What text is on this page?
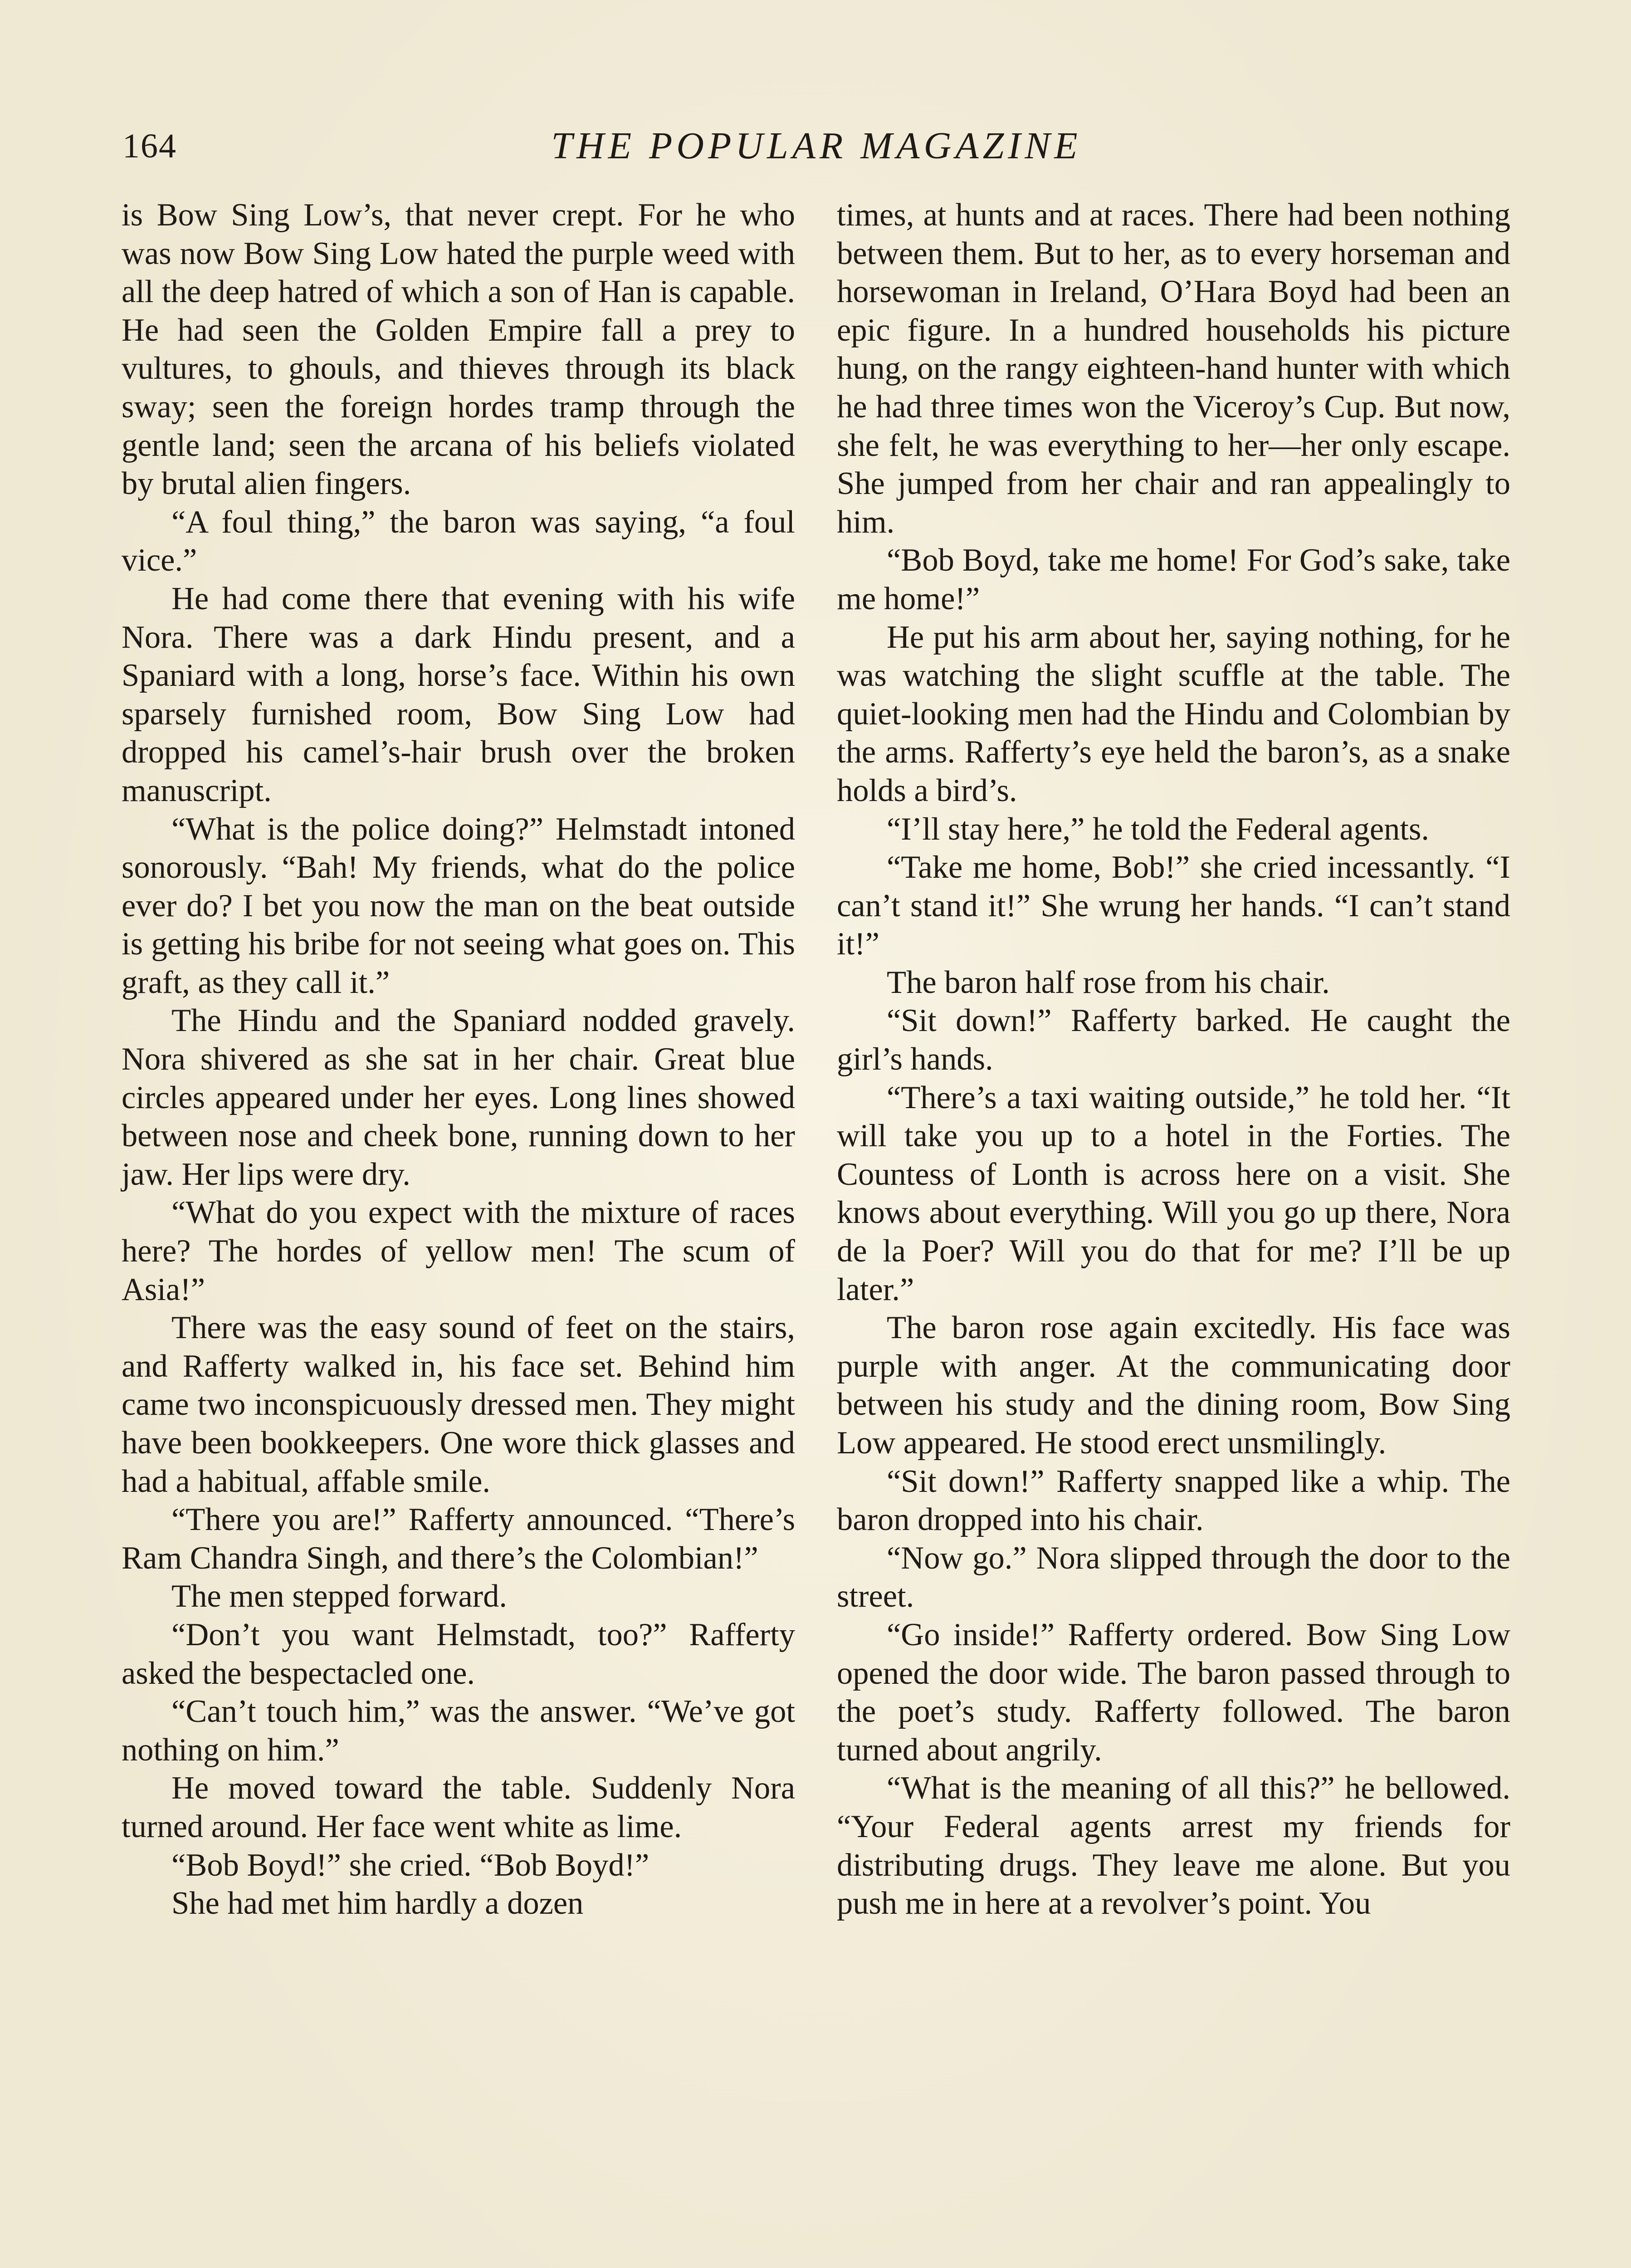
164	THE POPULAR MAGAZINE

is Bow Sing Low’s, that never crept. For he who was now Bow Sing Low hated the purple weed with all the deep hatred of which a son of Han is capable. He had seen the Golden Empire fall a prey to vultures, to ghouls, and thieves through its black sway; seen the foreign hordes tramp through the gentle land; seen the arcana of his beliefs violated by brutal alien fingers.

“A foul thing,” the baron was saying, “a foul vice.”

He had come there that evening with his wife Nora. There was a dark Hindu present, and a Spaniard with a long, horse’s face. Within his own sparsely furnished room, Bow Sing Low had dropped his camel’s-hair brush over the broken manuscript.

“What is the police doing?” Helmstadt intoned sonorously. “Bah! My friends, what do the police ever do? I bet you now the man on the beat outside is getting his bribe for not seeing what goes on. This graft, as they call it.”

The Hindu and the Spaniard nodded gravely. Nora shivered as she sat in her chair. Great blue circles appeared under her eyes. Long lines showed between nose and cheek bone, running down to her jaw. Her lips were dry.

“What do you expect with the mixture of races here? The hordes of yellow men! The scum of Asia!”

There was the easy sound of feet on the stairs, and Rafferty walked in, his face set. Behind him came two inconspicuously dressed men. They might have been bookkeepers. One wore thick glasses and had a habitual, affable smile.

“There you are!” Rafferty announced. “There’s Ram Chandra Singh, and there’s the Colombian!”

The men stepped forward.

“Don’t you want Helmstadt, too?” Rafferty asked the bespectacled one.

“Can’t touch him,” was the answer. “We’ve got nothing on him.”

He moved toward the table. Suddenly Nora turned around. Her face went white as lime.

“Bob Boyd!” she cried. “Bob Boyd!”

She had met him hardly a dozen

times, at hunts and at races. There had been nothing between them. But to her, as to every horseman and horsewoman in Ireland, O’Hara Boyd had been an epic figure. In a hundred households his picture hung, on the rangy eighteen-hand hunter with which he had three times won the Viceroy’s Cup. But now, she felt, he was everything to her—her only escape. She jumped from her chair and ran appealingly to him.

“Bob Boyd, take me home! For God’s sake, take me home!”

He put his arm about her, saying nothing, for he was watching the slight scuffle at the table. The quiet-looking men had the Hindu and Colombian by the arms. Rafferty’s eye held the baron’s, as a snake holds a bird’s.

“I’ll stay here,” he told the Federal agents.

“Take me home, Bob!” she cried incessantly. “I can’t stand it!” She wrung her hands. “I can’t stand it!”

The baron half rose from his chair.

“Sit down!” Rafferty barked. He caught the girl’s hands.

“There’s a taxi waiting outside,” he told her. “It will take you up to a hotel in the Forties. The Countess of Lonth is across here on a visit. She knows about everything. Will you go up there, Nora de la Poer? Will you do that for me? I’ll be up later.”

The baron rose again excitedly. His face was purple with anger. At the communicating door between his study and the dining room, Bow Sing Low appeared. He stood erect unsmilingly.

“Sit down!” Rafferty snapped like a whip. The baron dropped into his chair.

“Now go.” Nora slipped through the door to the street.

“Go inside!” Rafferty ordered. Bow Sing Low opened the door wide. The baron passed through to the poet’s study. Rafferty followed. The baron turned about angrily.

“What is the meaning of all this?” he bellowed. “Your Federal agents arrest my friends for distributing drugs. They leave me alone. But you push me in here at a revolver’s point. You
